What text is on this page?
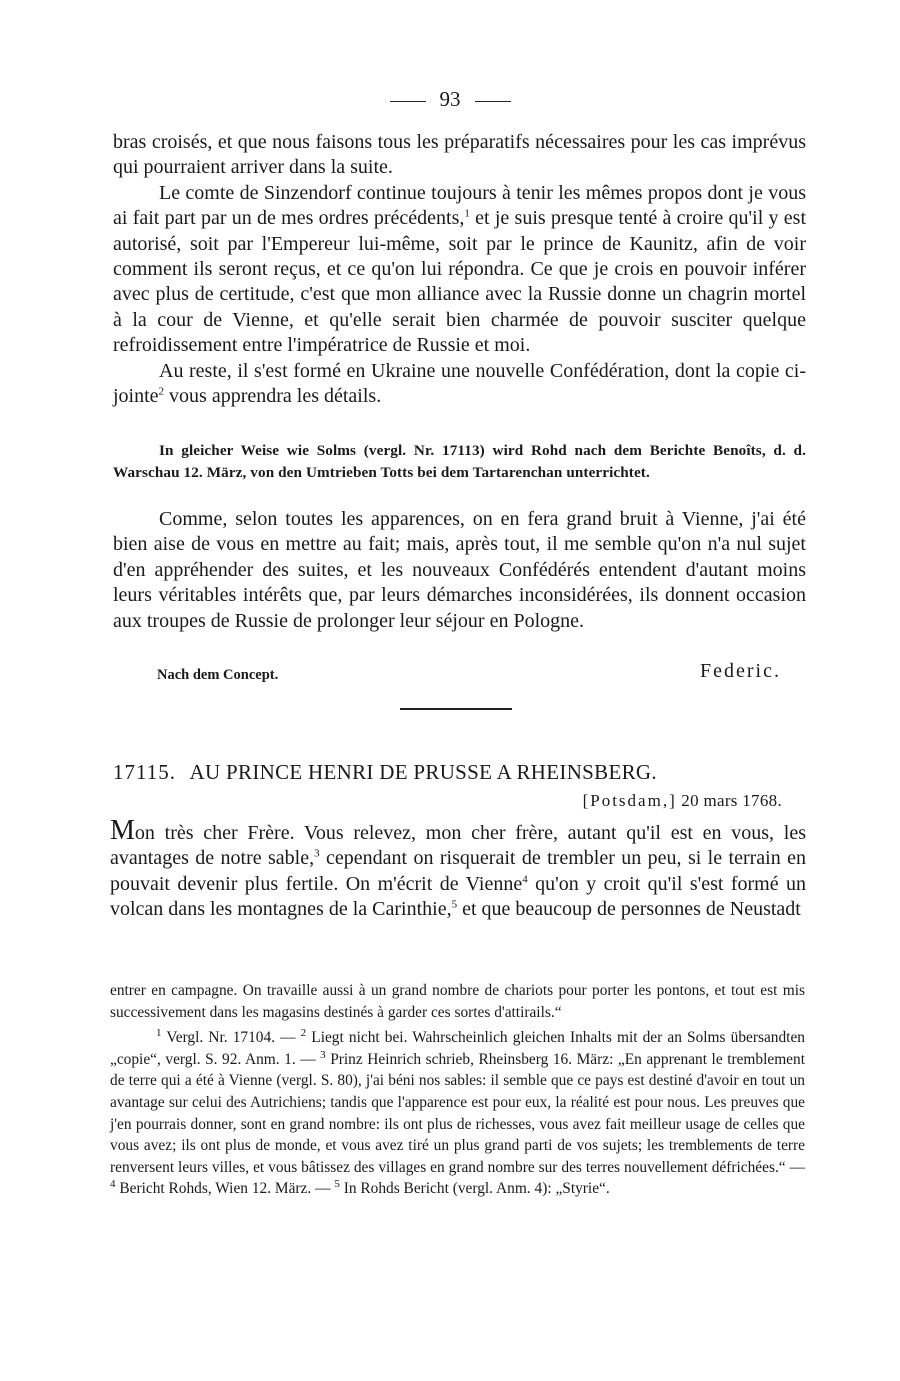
93

bras croisés, et que nous faisons tous les préparatifs nécessaires pour les cas imprévus qui pourraient arriver dans la suite.

Le comte de Sinzendorf continue toujours à tenir les mêmes propos dont je vous ai fait part par un de mes ordres précédents,$^1$ et je suis presque tenté à croire qu'il y est autorisé, soit par l'Empereur lui-même, soit par le prince de Kaunitz, afin de voir comment ils seront reçus, et ce qu'on lui répondra. Ce que je crois en pouvoir inférer avec plus de certitude, c'est que mon alliance avec la Russie donne un chagrin mortel à la cour de Vienne, et qu'elle serait bien charmée de pouvoir susciter quelque refroidissement entre l'impératrice de Russie et moi.

Au reste, il s'est formé en Ukraine une nouvelle Confédération, dont la copie ci-jointe$^2$ vous apprendra les détails.

In gleicher Weise wie Solms (vergl. Nr. 17113) wird Rohd nach dem Berichte Benoîts, d. d. Warschau 12. März, von den Umtrieben Totts bei dem Tartarenchan unterrichtet.

Comme, selon toutes les apparences, on en fera grand bruit à Vienne, j'ai été bien aise de vous en mettre au fait; mais, après tout, il me semble qu'on n'a nul sujet d'en appréhender des suites, et les nouveaux Confédérés entendent d'autant moins leurs véritables intérêts que, par leurs démarches inconsidérées, ils donnent occasion aux troupes de Russie de prolonger leur séjour en Pologne.

Nach dem Concept.	Federic.
17115. AU PRINCE HENRI DE PRUSSE A RHEINSBERG.
[Potsdam,] 20 mars 1768.

Mon très cher Frère. Vous relevez, mon cher frère, autant qu'il est en vous, les avantages de notre sable,$^3$ cependant on risquerait de trembler un peu, si le terrain en pouvait devenir plus fertile. On m'écrit de Vienne$^4$ qu'on y croit qu'il s'est formé un volcan dans les montagnes de la Carinthie,$^5$ et que beaucoup de personnes de Neustadt

entrer en campagne. On travaille aussi à un grand nombre de chariots pour porter les pontons, et tout est mis successivement dans les magasins destinés à garder ces sortes d'attirails.“

$^1$ Vergl. Nr. 17104. — $^2$ Liegt nicht bei. Wahrscheinlich gleichen Inhalts mit der an Solms übersandten „copie“, vergl. S. 92. Anm. 1. — $^3$ Prinz Heinrich schrieb, Rheinsberg 16. März: „En apprenant le tremblement de terre qui a été à Vienne (vergl. S. 80), j'ai béni nos sables: il semble que ce pays est destiné d'avoir en tout un avantage sur celui des Autrichiens; tandis que l'apparence est pour eux, la réalité est pour nous. Les preuves que j'en pourrais donner, sont en grand nombre: ils ont plus de richesses, vous avez fait meilleur usage de celles que vous avez; ils ont plus de monde, et vous avez tiré un plus grand parti de vos sujets; les tremblements de terre renversent leurs villes, et vous bâtissez des villages en grand nombre sur des terres nouvellement défrichées.“ — $^4$ Bericht Rohds, Wien 12. März. — $^5$ In Rohds Bericht (vergl. Anm. 4): „Styrie“.
